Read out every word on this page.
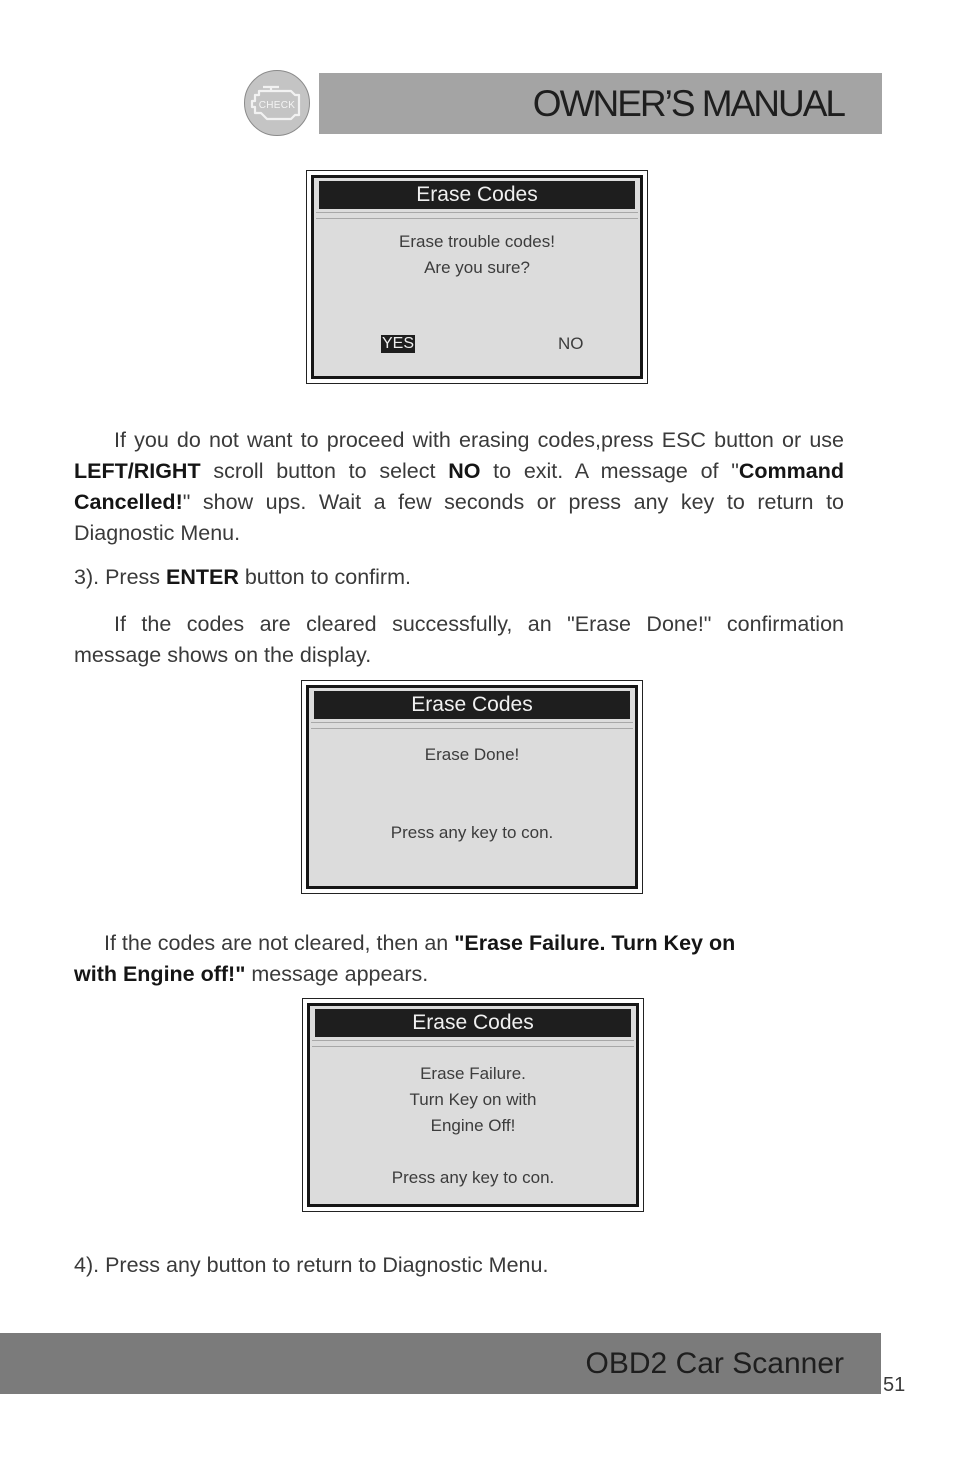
CHECK	OWNER’S MANUAL
Erase Codes
Erase trouble codes!
Are you sure?
YES	NO
If you do not want to proceed with erasing codes,press ESC button or use LEFT/RIGHT scroll button to select NO to exit. A message of "Command Cancelled!" show ups. Wait a few seconds or press any key to return to Diagnostic Menu.
3). Press ENTER button to confirm.
If the codes are cleared successfully, an "Erase Done!" confirmation message shows on the display.
Erase Codes
Erase Done!
Press any key to con.
If the codes are not cleared, then an "Erase Failure. Turn Key on
with Engine off!" message appears.
Erase Codes
Erase Failure.
Turn Key on with
Engine Off!
Press any key to con.
4). Press any button to return to Diagnostic Menu.
OBD2 Car Scanner
51
